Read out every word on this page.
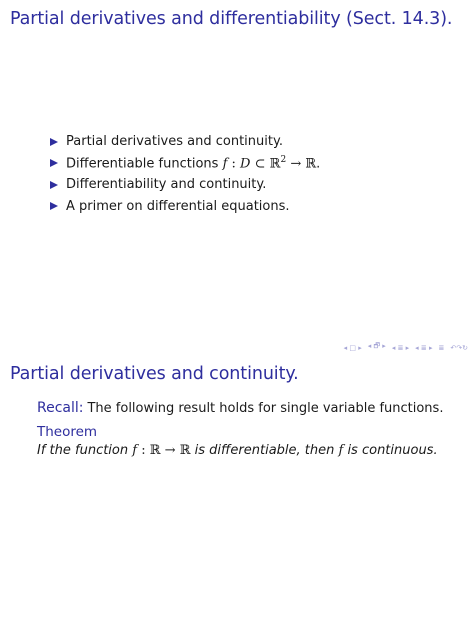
Partial derivatives and differentiability (Sect. 14.3).
Partial derivatives and continuity.
Differentiable functions f : D ⊂ ℝ$^2$ → ℝ.
Differentiability and continuity.
A primer on differential equations.
◂ □ ▸ ◂ 🗗 ▸ ◂ ≣ ▸ ◂ ≣ ▸ ≣ ↶↷↻
Partial derivatives and continuity.
Recall: The following result holds for single variable functions.
Theorem
If the function f : ℝ → ℝ is differentiable, then f is continuous.
